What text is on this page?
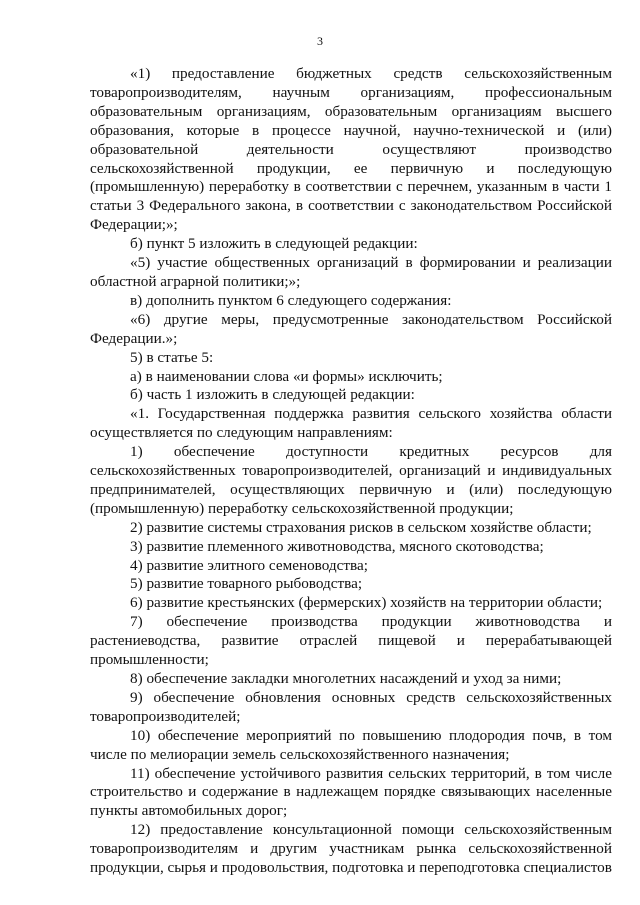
3

«1) предоставление бюджетных средств сельскохозяйственным товаропроизводителям, научным организациям, профессиональным образовательным организациям, образовательным организациям высшего образования, которые в процессе научной, научно-технической и (или) образовательной деятельности осуществляют производство сельскохозяйственной продукции, ее первичную и последующую (промышленную) переработку в соответствии с перечнем, указанным в части 1 статьи 3 Федерального закона, в соответствии с законодательством Российской Федерации;»;

б) пункт 5 изложить в следующей редакции:

«5) участие общественных организаций в формировании и реализации областной аграрной политики;»;

в) дополнить пунктом 6 следующего содержания:

«6) другие меры, предусмотренные законодательством Российской Федерации.»;

5) в статье 5:

а) в наименовании слова «и формы» исключить;

б) часть 1 изложить в следующей редакции:

«1. Государственная поддержка развития сельского хозяйства области осуществляется по следующим направлениям:

1) обеспечение доступности кредитных ресурсов для сельскохозяйственных товаропроизводителей, организаций и индивидуальных предпринимателей, осуществляющих первичную и (или) последующую (промышленную) переработку сельскохозяйственной продукции;

2) развитие системы страхования рисков в сельском хозяйстве области;

3) развитие племенного животноводства, мясного скотоводства;

4) развитие элитного семеноводства;

5) развитие товарного рыбоводства;

6) развитие крестьянских (фермерских) хозяйств на территории области;

7) обеспечение производства продукции животноводства и растениеводства, развитие отраслей пищевой и перерабатывающей промышленности;

8) обеспечение закладки многолетних насаждений и уход за ними;

9) обеспечение обновления основных средств сельскохозяйственных товаропроизводителей;

10) обеспечение мероприятий по повышению плодородия почв, в том числе по мелиорации земель сельскохозяйственного назначения;

11) обеспечение устойчивого развития сельских территорий, в том числе строительство и содержание в надлежащем порядке связывающих населенные пункты автомобильных дорог;

12) предоставление консультационной помощи сельскохозяйственным товаропроизводителям и другим участникам рынка сельскохозяйственной продукции, сырья и продовольствия, подготовка и переподготовка специалистов
